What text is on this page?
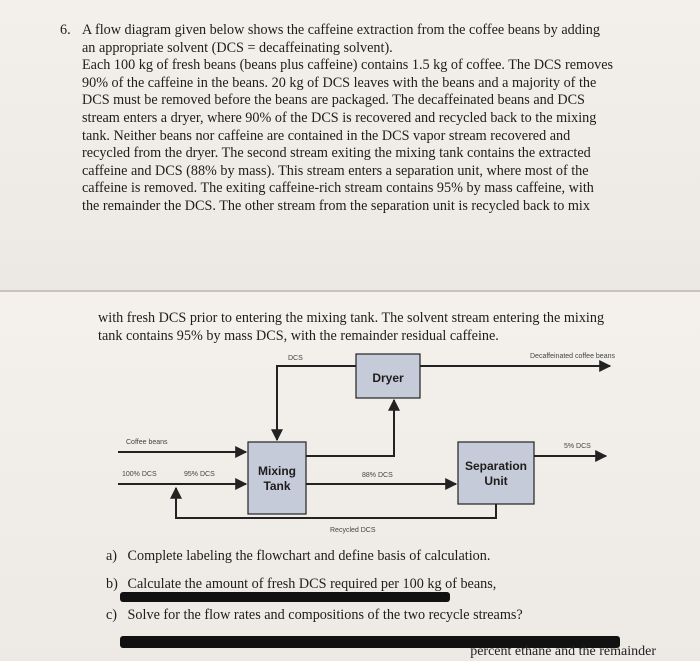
6. A flow diagram given below shows the caffeine extraction from the coffee beans by adding

an appropriate solvent (DCS = decaffeinating solvent).

Each 100 kg of fresh beans (beans plus caffeine) contains 1.5 kg of coffee. The DCS removes

90% of the caffeine in the beans. 20 kg of DCS leaves with the beans and a majority of the

DCS must be removed before the beans are packaged. The decaffeinated beans and DCS

stream enters a dryer, where 90% of the DCS is recovered and recycled back to the mixing

tank. Neither beans nor caffeine are contained in the DCS vapor stream recovered and

recycled from the dryer. The second stream exiting the mixing tank contains the extracted

caffeine and DCS (88% by mass). This stream enters a separation unit, where most of the

caffeine is removed. The exiting caffeine-rich stream contains 95% by mass caffeine, with

the remainder the DCS. The other stream from the separation unit is recycled back to mix

with fresh DCS prior to entering the mixing tank. The solvent stream entering the mixing

tank contains 95% by mass DCS, with the remainder residual caffeine.

Dryer
Mixing
Tank
Separation
Unit
DCS	Decaffeinated coffee beans
Coffee beans
100% DCS	95% DCS	88% DCS
5% DCS
Recycled DCS
a) Complete labeling the flowchart and define basis of calculation.
b) Calculate the amount of fresh DCS required per 100 kg of beans,
c) Solve for the flow rates and compositions of the two recycle streams?
percent ethane and the remainder
